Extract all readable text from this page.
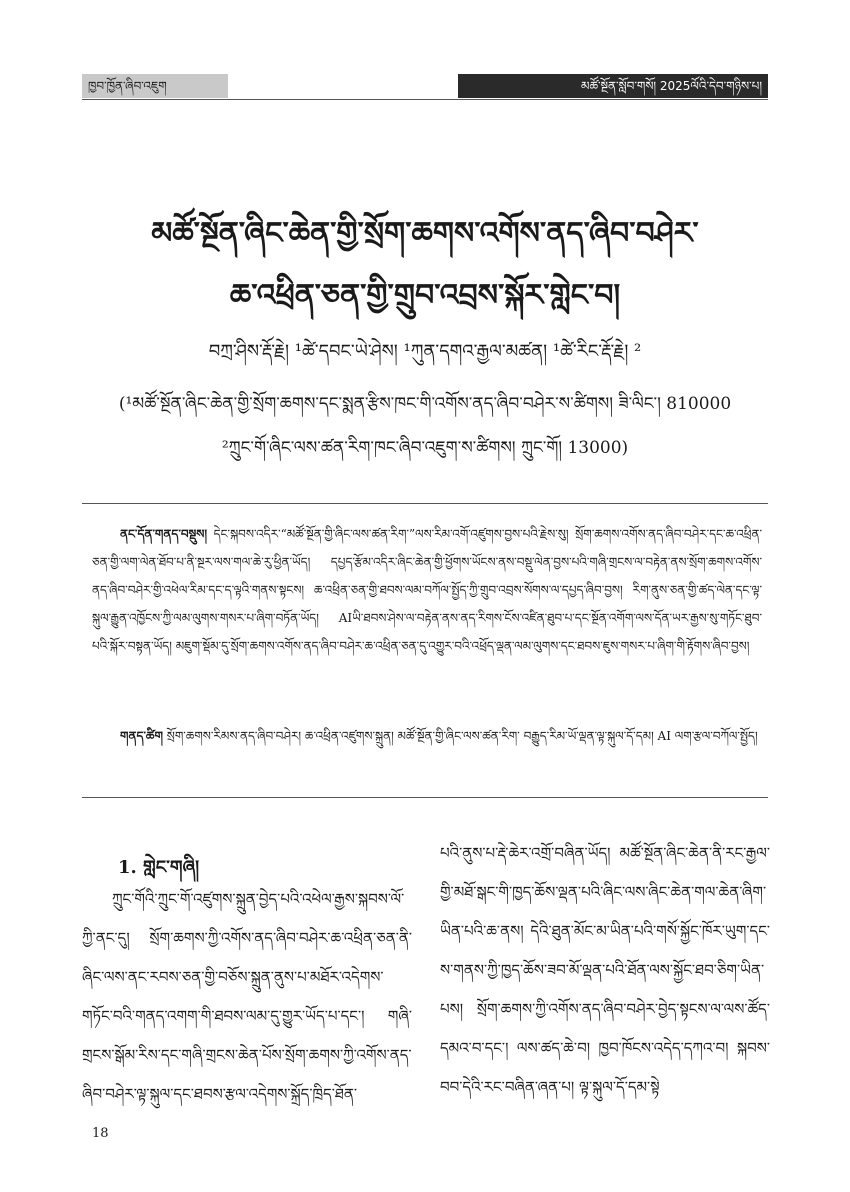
ཁྱབ་ཁྱོན་ཞིབ་འཇུག	མཚོ་སྔོན་སློབ་གསོ། 2025ལོའི་དེབ་གཉིས་པ།
མཚོ་སྔོན་ཞིང་ཆེན་གྱི་སྲོག་ཆགས་འགོས་ནད་ཞིབ་བཤེར་
ཆ་འཕྲིན་ཅན་གྱི་གྲུབ་འབྲས་སྐོར་གླེང་བ།
བཀྲ་ཤིས་རྡོ་རྗེ། ¹ཚེ་དབང་ཡེ་ཤེས། ¹ཀུན་དགའ་རྒྱལ་མཚན། ¹ཚེ་རིང་རྡོ་རྗེ། ²
(¹མཚོ་སྔོན་ཞིང་ཆེན་གྱི་སྲོག་ཆགས་དང་སྨན་རྩིས་ཁང་གི་འགོས་ནད་ཞིབ་བཤེར་ས་ཚིགས། ཟི་ལིང་། 810000
²ཀྲུང་གོ་ཞིང་ལས་ཚན་རིག་ཁང་ཞིབ་འཇུག་ས་ཚིགས། ཀྲུང་གོ། 13000)

ནང་དོན་གནད་བསྡུས། དེང་སྐབས་འདིར་“མཚོ་སྔོན་གྱི་ཞིང་ལས་ཚན་རིག་”ལས་རིམ་འགོ་འཛུགས་བྱས་པའི་རྗེས་སུ། སྲོག་ཆགས་འགོས་ནད་ཞིབ་བཤེར་དང་ཆ་འཕྲིན་ཅན་གྱི་ལག་ལེན་ཐོབ་པ་ནི་སྔར་ལས་གལ་ཆེ་རུ་ཕྱིན་ཡོད། དཔྱད་རྩོམ་འདིར་ཞིང་ཆེན་གྱི་ཕྱོགས་ཡོངས་ནས་བསྡུ་ལེན་བྱས་པའི་གཞི་གྲངས་ལ་བརྟེན་ནས་སྲོག་ཆགས་འགོས་ནད་ཞིབ་བཤེར་གྱི་འཕེལ་རིམ་དང་ད་ལྟའི་གནས་སྟངས། ཆ་འཕྲིན་ཅན་གྱི་ཐབས་ལམ་བཀོལ་སྤྱོད་ཀྱི་གྲུབ་འབྲས་སོགས་ལ་དཔྱད་ཞིབ་བྱས། རིག་ནུས་ཅན་གྱི་ཚད་ལེན་དང་ལྟ་སྐུལ་རྒྱུན་འཁྱོངས་ཀྱི་ལམ་ལུགས་གསར་པ་ཞིག་བཏོན་ཡོད། AIཡི་ཐབས་ཤེས་ལ་བརྟེན་ནས་ནད་རིགས་ངོས་འཛིན་ཐུབ་པ་དང་སྔོན་འགོག་ལས་དོན་ཡར་རྒྱས་སུ་གཏོང་ཐུབ་པའི་སྐོར་བསྟན་ཡོད། མཇུག་སྡོམ་དུ་སྲོག་ཆགས་འགོས་ནད་ཞིབ་བཤེར་ཆ་འཕྲིན་ཅན་དུ་འགྱུར་བའི་འཕྲོད་ལྡན་ལམ་ལུགས་དང་ཐབས་ཇུས་གསར་པ་ཞིག་གི་རྟོགས་ཞིབ་བྱས།

གནད་ཚིག སྲོག་ཆགས་རིམས་ནད་ཞིབ་བཤེར། ཆ་འཕྲིན་འཛུགས་སྐྲུན། མཚོ་སྔོན་གྱི་ཞིང་ལས་ཚན་རིག་ བརྒྱུད་རིམ་ཡོ་ལྡན་ལྟ་སྐུལ་དོ་དམ། AI ལག་རྩལ་བཀོལ་སྤྱོད།

1. གླེང་གཞི།

ཀྲུང་གོའི་ཀྲུང་གོ་འཛུགས་སྐྲུན་བྱེད་པའི་འཕེལ་རྒྱས་སྐབས་ལོ་ཀྱི་ནང་དུ། སྲོག་ཆགས་ཀྱི་འགོས་ནད་ཞིབ་བཤེར་ཆ་འཕྲིན་ཅན་ནི་ཞིང་ལས་ནང་རབས་ཅན་གྱི་བཅོས་སྐྲུན་ནུས་པ་མཐོར་འདེགས་གཏོང་བའི་གནད་འགག་གི་ཐབས་ལམ་དུ་གྱུར་ཡོད་པ་དང་། གཞི་གྲངས་སྒོམ་རིས་དང་གཞི་གྲངས་ཆེན་པོས་སྲོག་ཆགས་ཀྱི་འགོས་ནད་ཞིབ་བཤེར་ལྟ་སྐུལ་དང་ཐབས་རྩལ་འདེགས་སྐྲོད་ཁྲིད་ཐོན་

པའི་ནུས་པ་རྡེ་ཆེར་འགྲོ་བཞིན་ཡོད། མཚོ་སྔོན་ཞིང་ཆེན་ནི་རང་རྒྱལ་གྱི་མཐོ་སྒང་གི་ཁྱད་ཆོས་ལྡན་པའི་ཞིང་ལས་ཞིང་ཆེན་གལ་ཆེན་ཞིག་ཡིན་པའི་ཆ་ནས། དེའི་ཐུན་མོང་མ་ཡིན་པའི་གསོ་སྐྱོང་ཁོར་ཡུག་དང་ས་གནས་ཀྱི་ཁྱད་ཆོས་ཟབ་མོ་ལྡན་པའི་ཐོན་ལས་སྐྱོང་ཐབ་ཅིག་ཡིན་པས། སྲོག་ཆགས་ཀྱི་འགོས་ནད་ཞིབ་བཤེར་བྱེད་སྟངས་ལ་ལས་ཚོད་དམའ་བ་དང་། ལས་ཚད་ཆེ་བ། ཁྱབ་ཁོངས་འདེད་དཀའ་བ། སྐབས་བབ་དེའི་རང་བཞིན་ཞན་པ། ལྟ་སྐུལ་དོ་དམ་སྟེ

18
